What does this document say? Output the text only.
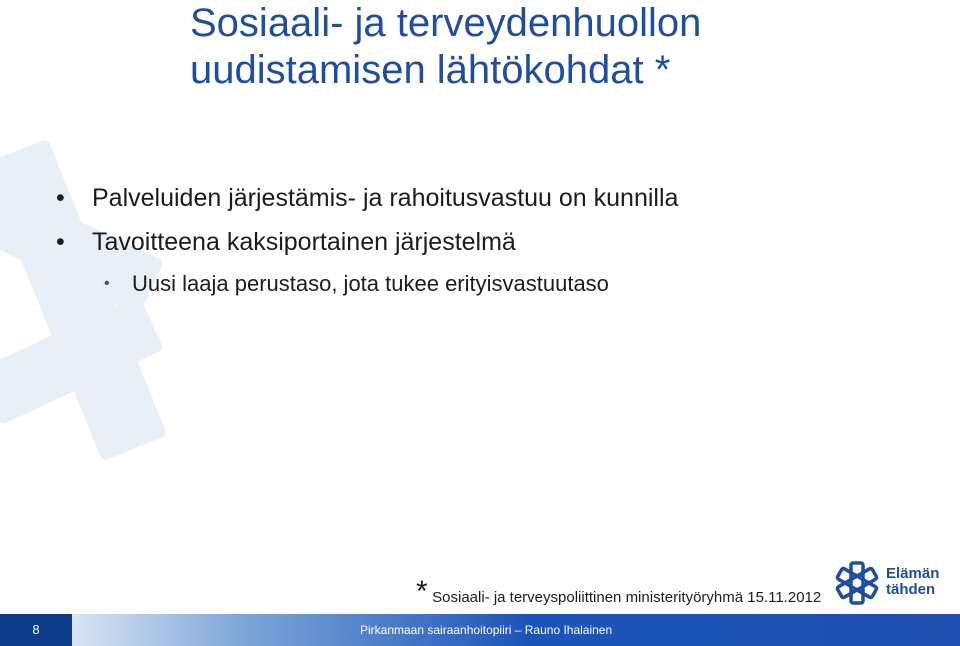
Sosiaali- ja terveydenhuollon
uudistamisen lähtökohdat *
• Palveluiden järjestämis- ja rahoitusvastuu on kunnilla
• Tavoitteena kaksiportainen järjestelmä
• Uusi laaja perustaso, jota tukee erityisvastuutaso
* Sosiaali- ja terveyspoliittinen ministerityöryhmä 15.11.2012
Elämän
tähden
8	Pirkanmaan sairaanhoitopiiri – Rauno Ihalainen
